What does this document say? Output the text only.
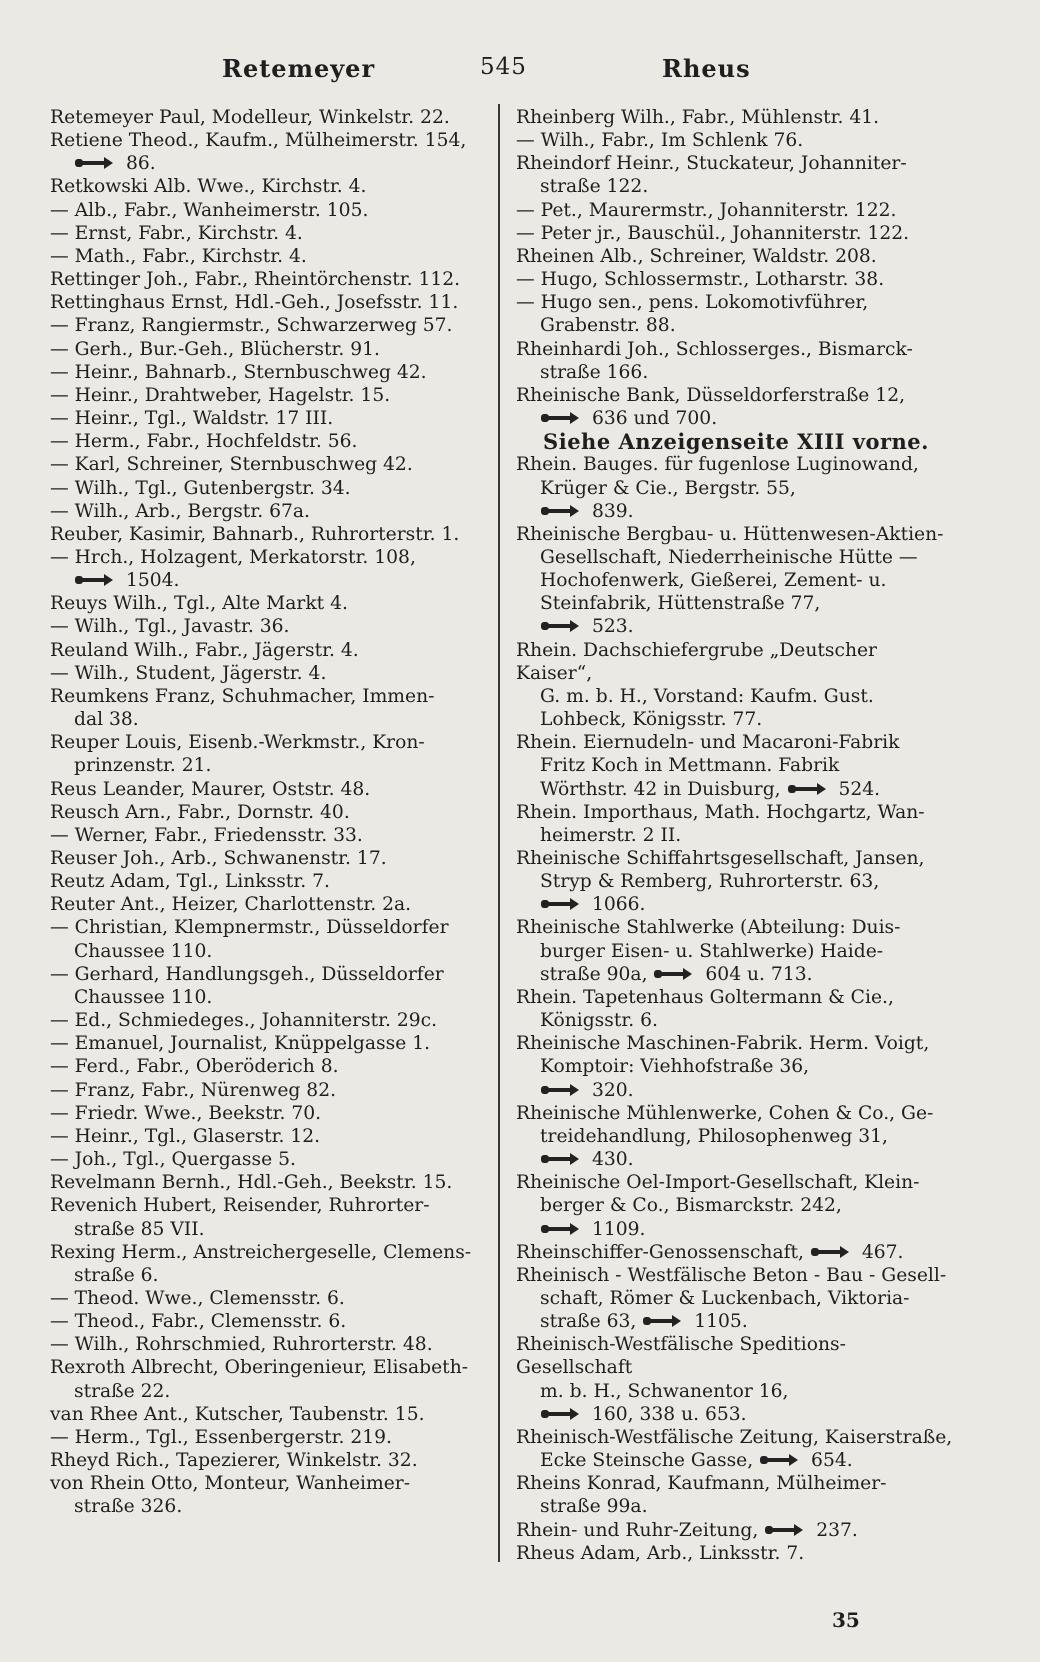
Retemeyer	545	Rheus
Retemeyer Paul, Modelleur, Winkelstr. 22.
Retiene Theod., Kaufm., Mülheimerstr. 154,
86.
Retkowski Alb. Wwe., Kirchstr. 4.
— Alb., Fabr., Wanheimerstr. 105.
— Ernst, Fabr., Kirchstr. 4.
— Math., Fabr., Kirchstr. 4.
Rettinger Joh., Fabr., Rheintörchenstr. 112.
Rettinghaus Ernst, Hdl.-Geh., Josefsstr. 11.
— Franz, Rangiermstr., Schwarzerweg 57.
— Gerh., Bur.-Geh., Blücherstr. 91.
— Heinr., Bahnarb., Sternbuschweg 42.
— Heinr., Drahtweber, Hagelstr. 15.
— Heinr., Tgl., Waldstr. 17 III.
— Herm., Fabr., Hochfeldstr. 56.
— Karl, Schreiner, Sternbuschweg 42.
— Wilh., Tgl., Gutenbergstr. 34.
— Wilh., Arb., Bergstr. 67a.
Reuber, Kasimir, Bahnarb., Ruhrorterstr. 1.
— Hrch., Holzagent, Merkatorstr. 108,
1504.
Reuys Wilh., Tgl., Alte Markt 4.
— Wilh., Tgl., Javastr. 36.
Reuland Wilh., Fabr., Jägerstr. 4.
— Wilh., Student, Jägerstr. 4.
Reumkens Franz, Schuhmacher, Immen-
dal 38.
Reuper Louis, Eisenb.-Werkmstr., Kron-
prinzenstr. 21.
Reus Leander, Maurer, Oststr. 48.
Reusch Arn., Fabr., Dornstr. 40.
— Werner, Fabr., Friedensstr. 33.
Reuser Joh., Arb., Schwanenstr. 17.
Reutz Adam, Tgl., Linksstr. 7.
Reuter Ant., Heizer, Charlottenstr. 2a.
— Christian, Klempnermstr., Düsseldorfer
Chaussee 110.
— Gerhard, Handlungsgeh., Düsseldorfer
Chaussee 110.
— Ed., Schmiedeges., Johanniterstr. 29c.
— Emanuel, Journalist, Knüppelgasse 1.
— Ferd., Fabr., Oberöderich 8.
— Franz, Fabr., Nürenweg 82.
— Friedr. Wwe., Beekstr. 70.
— Heinr., Tgl., Glaserstr. 12.
— Joh., Tgl., Quergasse 5.
Revelmann Bernh., Hdl.-Geh., Beekstr. 15.
Revenich Hubert, Reisender, Ruhrorter-
straße 85 VII.
Rexing Herm., Anstreichergeselle, Clemens-
straße 6.
— Theod. Wwe., Clemensstr. 6.
— Theod., Fabr., Clemensstr. 6.
— Wilh., Rohrschmied, Ruhrorterstr. 48.
Rexroth Albrecht, Oberingenieur, Elisabeth-
straße 22.
van Rhee Ant., Kutscher, Taubenstr. 15.
— Herm., Tgl., Essenbergerstr. 219.
Rheyd Rich., Tapezierer, Winkelstr. 32.
von Rhein Otto, Monteur, Wanheimer-
straße 326.
Rheinberg Wilh., Fabr., Mühlenstr. 41.
— Wilh., Fabr., Im Schlenk 76.
Rheindorf Heinr., Stuckateur, Johanniter-
straße 122.
— Pet., Maurermstr., Johanniterstr. 122.
— Peter jr., Bauschül., Johanniterstr. 122.
Rheinen Alb., Schreiner, Waldstr. 208.
— Hugo, Schlossermstr., Lotharstr. 38.
— Hugo sen., pens. Lokomotivführer,
Grabenstr. 88.
Rheinhardi Joh., Schlosserges., Bismarck-
straße 166.
Rheinische Bank, Düsseldorferstraße 12,
636 und 700.
Siehe Anzeigenseite XIII vorne.
Rhein. Bauges. für fugenlose Luginowand,
Krüger & Cie., Bergstr. 55,
839.
Rheinische Bergbau- u. Hüttenwesen-Aktien-
Gesellschaft, Niederrheinische Hütte —
Hochofenwerk, Gießerei, Zement- u.
Steinfabrik, Hüttenstraße 77,
523.
Rhein. Dachschiefergrube „Deutscher Kaiser“,
G. m. b. H., Vorstand: Kaufm. Gust.
Lohbeck, Königsstr. 77.
Rhein. Eiernudeln- und Macaroni-Fabrik
Fritz Koch in Mettmann. Fabrik
Wörthstr. 42 in Duisburg,  524.
Rhein. Importhaus, Math. Hochgartz, Wan-
heimerstr. 2 II.
Rheinische Schiffahrtsgesellschaft, Jansen,
Stryp & Remberg, Ruhrorterstr. 63,
1066.
Rheinische Stahlwerke (Abteilung: Duis-
burger Eisen- u. Stahlwerke) Haide-
straße 90a,  604 u. 713.
Rhein. Tapetenhaus Goltermann & Cie.,
Königsstr. 6.
Rheinische Maschinen-Fabrik. Herm. Voigt,
Komptoir: Viehhofstraße 36,
320.
Rheinische Mühlenwerke, Cohen & Co., Ge-
treidehandlung, Philosophenweg 31,
430.
Rheinische Oel-Import-Gesellschaft, Klein-
berger & Co., Bismarckstr. 242,
1109.
Rheinschiffer-Genossenschaft,  467.
Rheinisch - Westfälische Beton - Bau - Gesell-
schaft, Römer & Luckenbach, Viktoria-
straße 63,  1105.
Rheinisch-Westfälische Speditions-Gesellschaft
m. b. H., Schwanentor 16,
160, 338 u. 653.
Rheinisch-Westfälische Zeitung, Kaiserstraße,
Ecke Steinsche Gasse,  654.
Rheins Konrad, Kaufmann, Mülheimer-
straße 99a.
Rhein- und Ruhr-Zeitung,  237.
Rheus Adam, Arb., Linksstr. 7.
35
